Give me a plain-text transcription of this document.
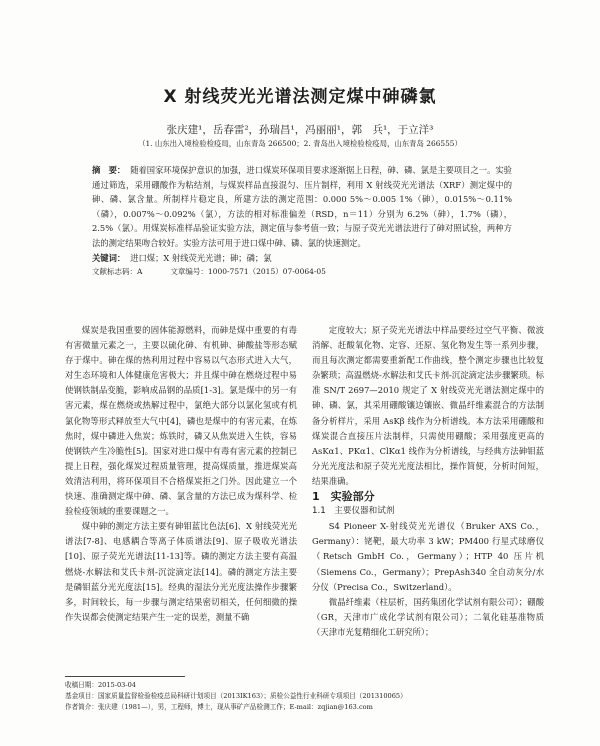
X 射线荧光光谱法测定煤中砷磷氯
张庆建¹，岳春雷²，孙瑞昌¹，冯丽丽¹，郭　兵¹，于立洋³
（1. 山东出入境检验检疫局，山东青岛 266500；2. 青岛出入境检验检疫局，山东青岛 266555）

摘　要： 随着国家环境保护意识的加强，进口煤炭环保项目要求逐渐据上日程，砷、磷、氯是主要项目之一。实验通过筛选，采用硼酸作为粘结剂，与煤炭样品直接混匀、压片制样，利用 X 射线荧光光谱法（XRF）测定煤中的砷、磷、氯含量。所制样片稳定良，所建方法的测定范围：0.000 5%～0.005 1%（砷），0.015%～0.11%（磷），0.007%～0.092%（氯），方法的相对标准偏差（RSD，n＝11）分别为 6.2%（砷），1.7%（磷），2.5%（氯）。用煤炭标准样品验证实验方法，测定值与参考值一致；与原子荧光光谱法进行了砷对照试验，两种方法的测定结果吻合较好。实验方法可用于进口煤中砷、磷、氯的快速测定。

关键词： 进口煤；X 射线荧光光谱；砷；磷；氯

文献标志码：A	文章编号：1000-7571（2015）07-0064-05

煤炭是我国重要的固体能源燃料，而砷是煤中重要的有毒有害微量元素之一，主要以硫化砷、有机砷、砷酸盐等形态赋存于煤中。砷在煤的热利用过程中容易以气态形式进入大气，对生态环境和人体健康危害极大；并且煤中砷在燃烧过程中易使钢铁制品变脆，影响成品钢的品质[1-3]。氯是煤中的另一有害元素，煤在燃烧或热解过程中，氯绝大部分以氯化氢或有机氯化物等形式释放至大气中[4]，磷也是煤中的有害元素，在炼焦时，煤中磷进入焦炭；炼铁时，磷又从焦炭进入生铁，容易使钢铁产生冷脆性[5]。国家对进口煤中有毒有害元素的控制已提上日程，强化煤炭过程质量管理，提高煤质量，推进煤炭高效清洁利用，将环保项目不合格煤炭拒之门外。因此建立一个快速、准确测定煤中砷、磷、氯含量的方法已成为煤科学、检验检疫领域的重要课题之一。

煤中砷的测定方法主要有砷钼蓝比色法[6]、X 射线荧光光谱法[7-8]、电感耦合等离子体质谱法[9]、原子吸收光谱法[10]、原子荧光光谱法[11-13]等。磷的测定方法主要有高温燃烧-水解法和艾氏卡剂-沉淀滴定法[14]。磷的测定方法主要是磷钼蓝分光光度法[15]。经典的湿法分光光度法操作步骤繁多，时间较长，每一步骤与测定结果密切相关，任何细微的操作失误都会使测定结果产生一定的误差，测量不确

定度较大；原子荧光光谱法中样品要经过空气平衡、微波消解、赶酸氧化物、定容、还原、氢化物发生等一系列步骤，而且每次测定都需要重新配工作曲线，整个测定步骤也比较复杂繁琐；高温燃烧-水解法和艾氏卡剂-沉淀滴定法步骤繁琐。标准 SN/T 2697—2010 规定了 X 射线荧光光谱法测定煤中的砷、磷、氯，其采用硼酸镶边镶嵌、微晶纤维素混合的方法制备分析样片，采用 AsKβ 线作为分析谱线。本方法采用硼酸和煤炭混合直接压片法制样，只需使用硼酸；采用强度更高的 AsKα1、PKα1、ClKα1 线作为分析谱线，与经典方法砷钼蓝分光光度法和原子荧光光度法相比，操作简便，分析时间短，结果准确。

1　实验部分

1.1　主要仪器和试剂

S4 Pioneer X-射线荧光光谱仪（Bruker AXS Co.，Germany）：铑靶，最大功率 3 kW；PM400 行星式球磨仪（Retsch GmbH Co.，Germany）；HTP 40 压片机（Siemens Co.，Germany）；PrepAsh340 全自动灰分/水分仪（Precisa Co.，Switzerland）。

微晶纤维素（柱层析，国药集团化学试剂有限公司）；硼酸（GR，天津市广成化学试剂有限公司）；二氧化硅基准物质（天津市光复精细化工研究所）；

收稿日期：2015-03-04
基金项目：国家质量监督检验检疫总局科研计划项目（2013IK163）；质检公益性行业科研专项项目（201310065）
作者简介：张庆建（1981—），男，工程师，博士，现从事矿产品检测工作；E-mail：zqjian@163.com
